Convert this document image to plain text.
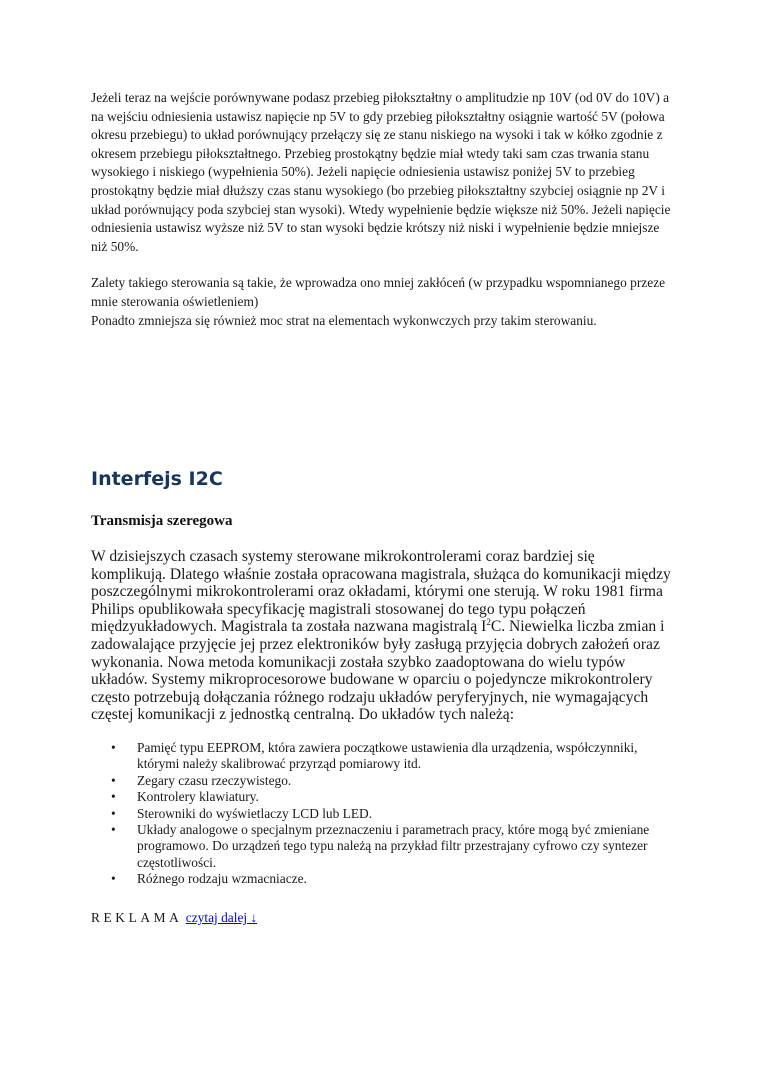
Jeżeli teraz na wejście porównywane podasz przebieg piłokształtny o amplitudzie np 10V (od 0V do 10V) a na wejściu odniesienia ustawisz napięcie np 5V to gdy przebieg piłokształtny osiągnie wartość 5V (połowa okresu przebiegu) to układ porównujący przełączy się ze stanu niskiego na wysoki i tak w kółko zgodnie z okresem przebiegu piłokształtnego. Przebieg prostokątny będzie miał wtedy taki sam czas trwania stanu wysokiego i niskiego (wypełnienia 50%). Jeżeli napięcie odniesienia ustawisz poniżej 5V to przebieg prostokątny będzie miał dłuższy czas stanu wysokiego (bo przebieg piłokształtny szybciej osiągnie np 2V i układ porównujący poda szybciej stan wysoki). Wtedy wypełnienie będzie większe niż 50%. Jeżeli napięcie odniesienia ustawisz wyższe niż 5V to stan wysoki będzie krótszy niż niski i wypełnienie będzie mniejsze niż 50%.

Zalety takiego sterowania są takie, że wprowadza ono mniej zakłóceń (w przypadku wspomnianego przeze mnie sterowania oświetleniem)
Ponadto zmniejsza się również moc strat na elementach wykonwczych przy takim sterowaniu.

Interfejs I2C
Transmisja szeregowa

W dzisiejszych czasach systemy sterowane mikrokontrolerami coraz bardziej się komplikują. Dlatego właśnie została opracowana magistrala, służąca do komunikacji między poszczególnymi mikrokontrolerami oraz okładami, którymi one sterują. W roku 1981 firma Philips opublikowała specyfikację magistrali stosowanej do tego typu połączeń międzyukładowych. Magistrala ta została nazwana magistralą $I^2C$. Niewielka liczba zmian i zadowalające przyjęcie jej przez elektroników były zasługą przyjęcia dobrych założeń oraz wykonania. Nowa metoda komunikacji została szybko zaadoptowana do wielu typów układów. Systemy mikroprocesorowe budowane w oparciu o pojedyncze mikrokontrolery często potrzebują dołączania różnego rodzaju układów peryferyjnych, nie wymagających częstej komunikacji z jednostką centralną. Do układów tych należą:

• Pamięć typu EEPROM, która zawiera początkowe ustawienia dla urządzenia, współczynniki, którymi należy skalibrować przyrząd pomiarowy itd.
• Zegary czasu rzeczywistego.
• Kontrolery klawiatury.
• Sterowniki do wyświetlaczy LCD lub LED.
• Układy analogowe o specjalnym przeznaczeniu i parametrach pracy, które mogą być zmieniane programowo. Do urządzeń tego typu należą na przykład filtr przestrajany cyfrowo czy syntezer częstotliwości.
• Różnego rodzaju wzmacniacze.

REKLAMA czytaj dalej ↓
